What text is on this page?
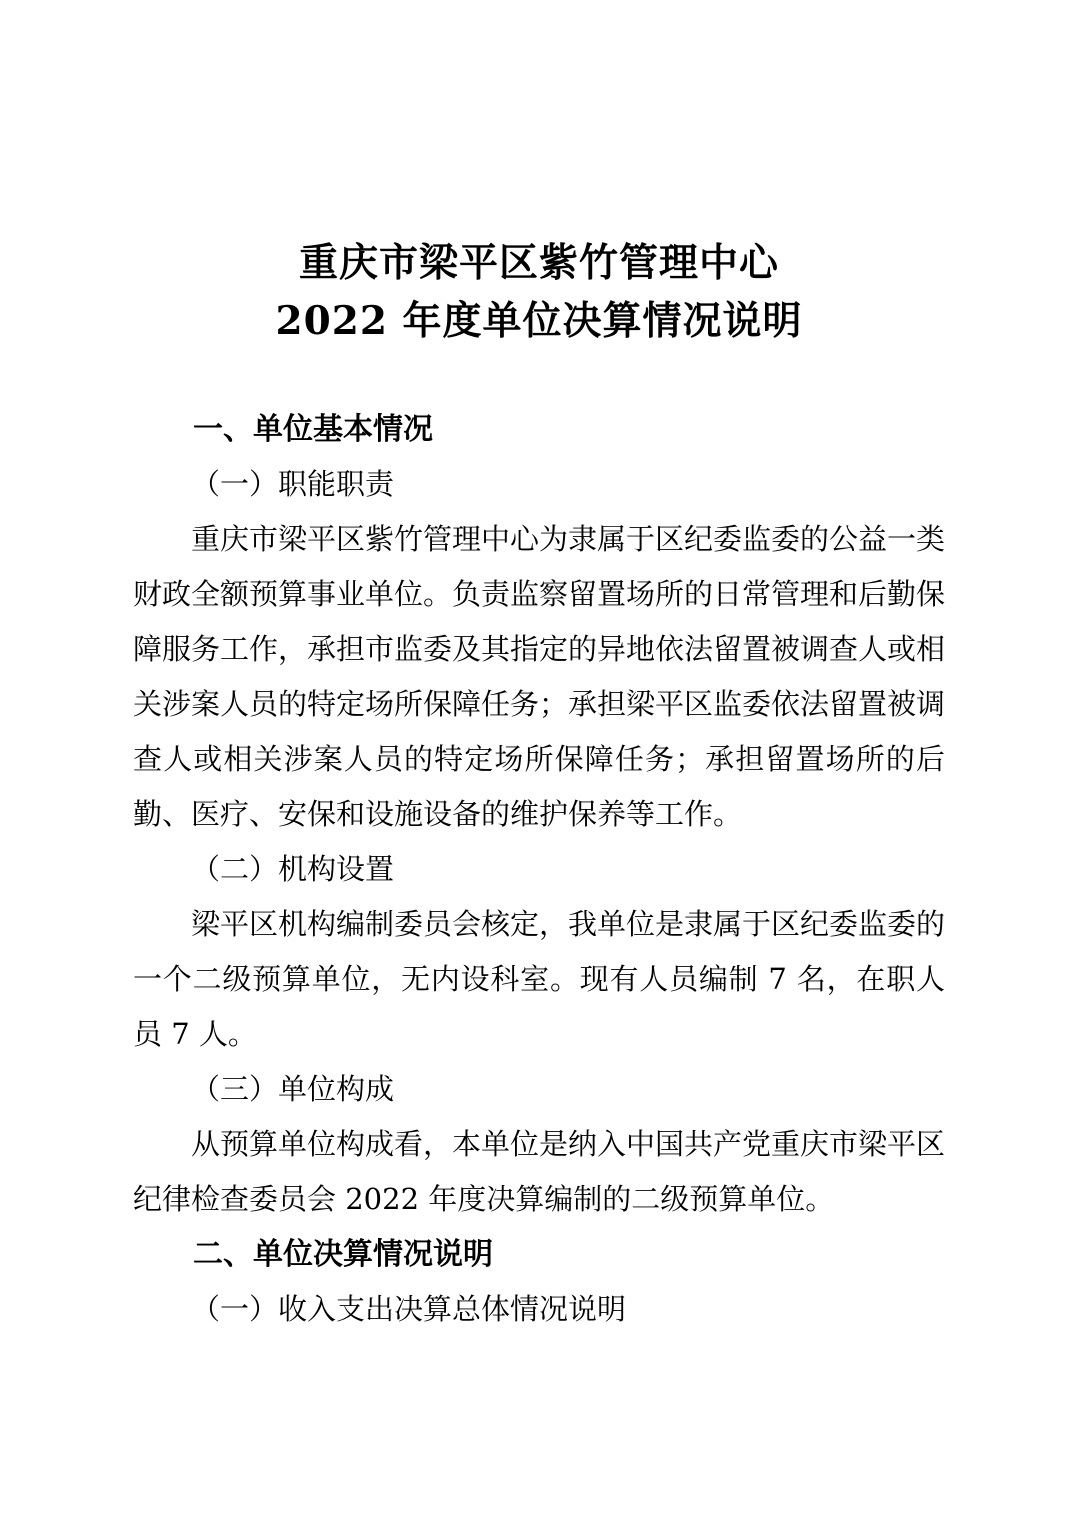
重庆市梁平区紫竹管理中心
2022 年度单位决算情况说明
一、单位基本情况
（一）职能职责
重庆市梁平区紫竹管理中心为隶属于区纪委监委的公益一类财政全额预算事业单位。负责监察留置场所的日常管理和后勤保障服务工作，承担市监委及其指定的异地依法留置被调查人或相关涉案人员的特定场所保障任务；承担梁平区监委依法留置被调查人或相关涉案人员的特定场所保障任务；承担留置场所的后勤、医疗、安保和设施设备的维护保养等工作。
（二）机构设置
梁平区机构编制委员会核定，我单位是隶属于区纪委监委的一个二级预算单位，无内设科室。现有人员编制 7 名，在职人员 7 人。
（三）单位构成
从预算单位构成看，本单位是纳入中国共产党重庆市梁平区纪律检查委员会 2022 年度决算编制的二级预算单位。
二、单位决算情况说明
（一）收入支出决算总体情况说明
